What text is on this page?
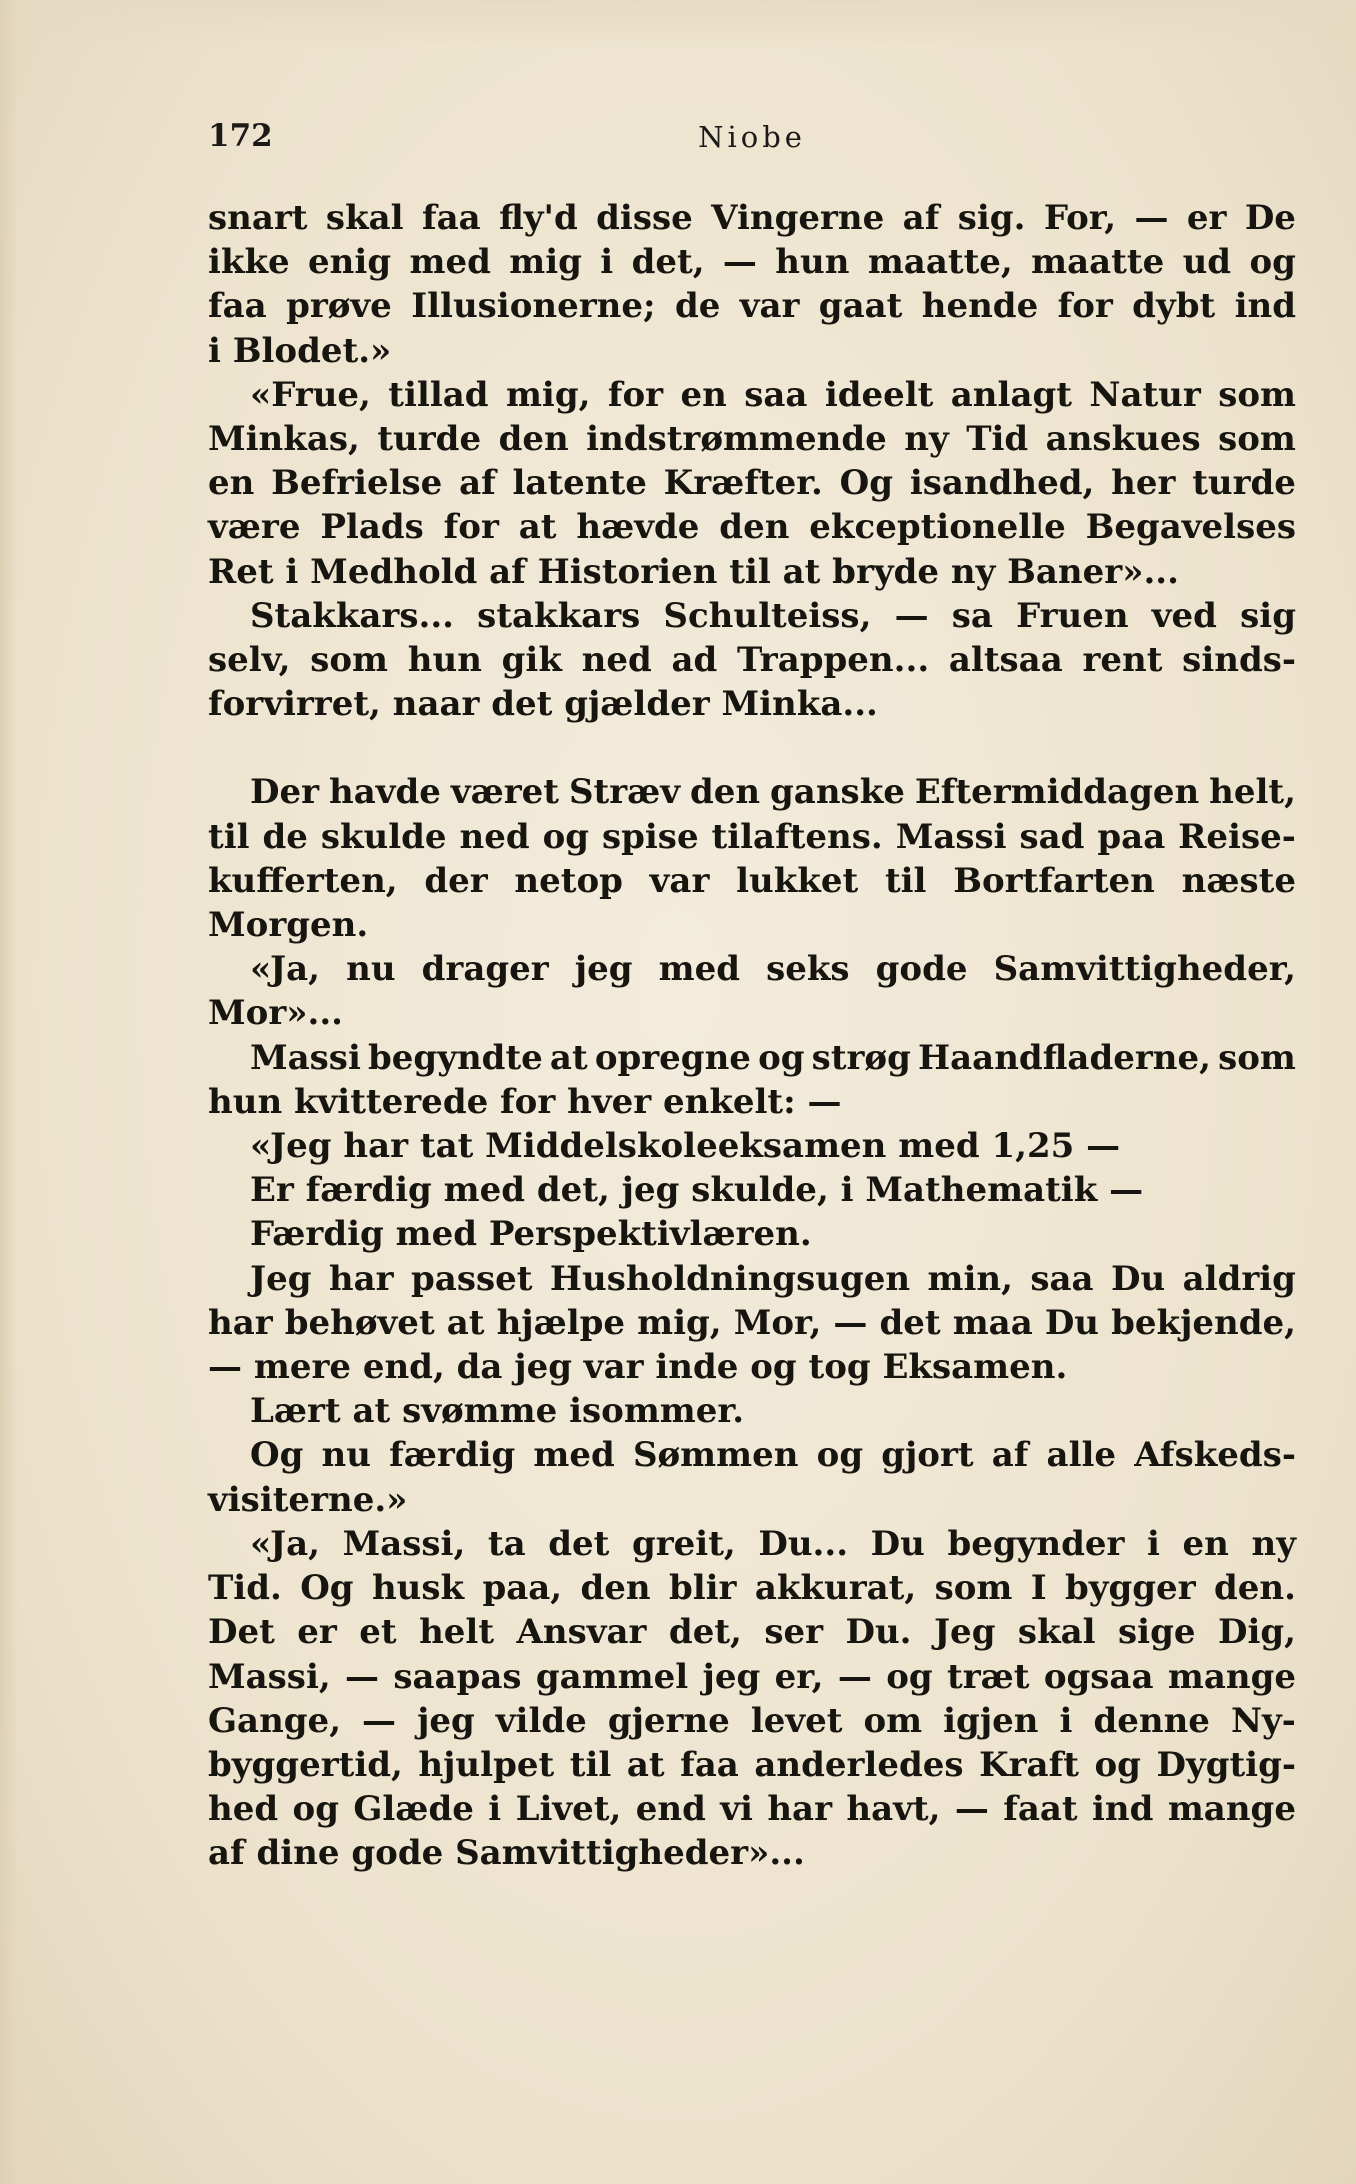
172	Niobe
snart skal faa fly'd disse Vingerne af sig. For, — er De
ikke enig med mig i det, — hun maatte, maatte ud og
faa prøve Illusionerne; de var gaat hende for dybt ind
i Blodet.»
«Frue, tillad mig, for en saa ideelt anlagt Natur som
Minkas, turde den indstrømmende ny Tid anskues som
en Befrielse af latente Kræfter. Og isandhed, her turde
være Plads for at hævde den ekceptionelle Begavelses
Ret i Medhold af Historien til at bryde ny Baner»...
Stakkars... stakkars Schulteiss, — sa Fruen ved sig
selv, som hun gik ned ad Trappen... altsaa rent sinds-
forvirret, naar det gjælder Minka...
Der havde været Stræv den ganske Eftermiddagen helt,
til de skulde ned og spise tilaftens. Massi sad paa Reise-
kufferten, der netop var lukket til Bortfarten næste
Morgen.
«Ja, nu drager jeg med seks gode Samvittigheder,
Mor»...
Massi begyndte at opregne og strøg Haandfladerne, som
hun kvitterede for hver enkelt: —
«Jeg har tat Middelskoleeksamen med 1,25 —
Er færdig med det, jeg skulde, i Mathematik —
Færdig med Perspektivlæren.
Jeg har passet Husholdningsugen min, saa Du aldrig
har behøvet at hjælpe mig, Mor, — det maa Du bekjende,
— mere end, da jeg var inde og tog Eksamen.
Lært at svømme isommer.
Og nu færdig med Sømmen og gjort af alle Afskeds-
visiterne.»
«Ja, Massi, ta det greit, Du... Du begynder i en ny
Tid. Og husk paa, den blir akkurat, som I bygger den.
Det er et helt Ansvar det, ser Du. Jeg skal sige Dig,
Massi, — saapas gammel jeg er, — og træt ogsaa mange
Gange, — jeg vilde gjerne levet om igjen i denne Ny-
byggertid, hjulpet til at faa anderledes Kraft og Dygtig-
hed og Glæde i Livet, end vi har havt, — faat ind mange
af dine gode Samvittigheder»...
